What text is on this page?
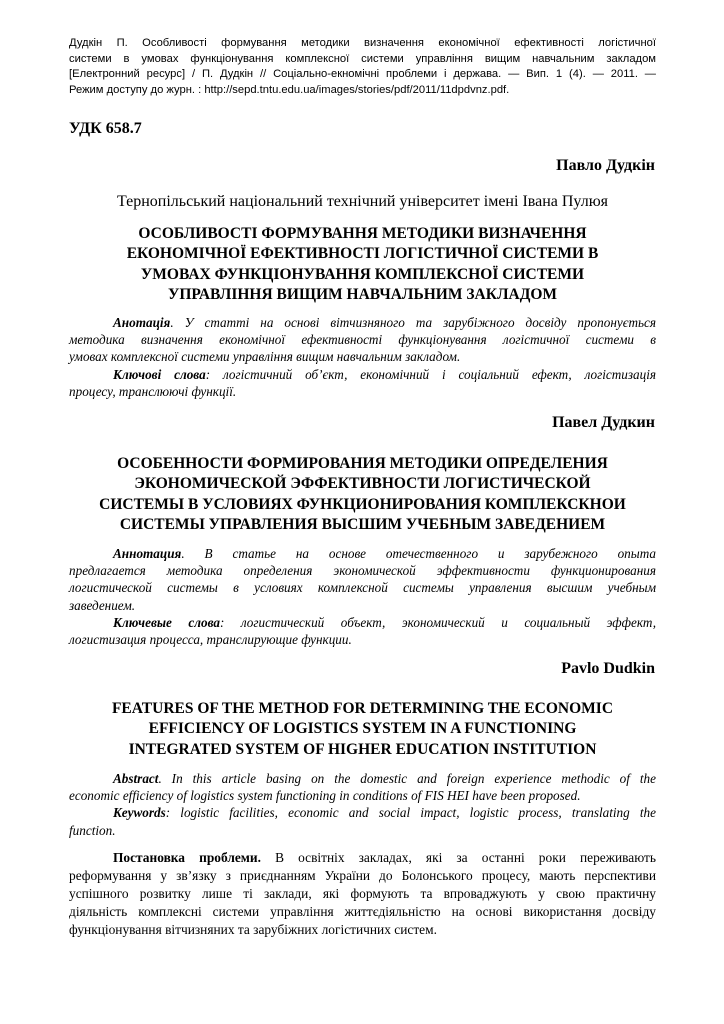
Дудкін П. Особливості формування методики визначення економічної ефективності логістичної
системи в умовах функціонування комплексної системи управління вищим навчальним закладом
[Електронний ресурс] / П. Дудкін // Соціально-екномічні проблеми і держава. — Вип. 1 (4). — 2011. —
Режим доступу до журн. : http://sepd.tntu.edu.ua/images/stories/pdf/2011/11dpdvnz.pdf.
УДК 658.7
Павло Дудкін
Тернопільський національний технічний університет імені Івана Пулюя
ОСОБЛИВОСТІ ФОРМУВАННЯ МЕТОДИКИ ВИЗНАЧЕННЯ
ЕКОНОМІЧНОЇ ЕФЕКТИВНОСТІ ЛОГІСТИЧНОЇ СИСТЕМИ В
УМОВАХ ФУНКЦІОНУВАННЯ КОМПЛЕКСНОЇ СИСТЕМИ
УПРАВЛІННЯ ВИЩИМ НАВЧАЛЬНИМ ЗАКЛАДОМ
Анотація. У статті на основі вітчизняного та зарубіжного досвіду пропонується
методика визначення економічної ефективності функціонування логістичної системи в
умовах комплексної системи управління вищим навчальним закладом.
Ключові слова: логістичний об’єкт, економічний і соціальний ефект, логістизація
процесу, транслюючі функції.
Павел Дудкин
ОСОБЕННОСТИ ФОРМИРОВАНИЯ МЕТОДИКИ ОПРЕДЕЛЕНИЯ
ЭКОНОМИЧЕСКОЙ ЭФФЕКТИВНОСТИ ЛОГИСТИЧЕСКОЙ
СИСТЕМЫ В УСЛОВИЯХ ФУНКЦИОНИРОВАНИЯ КОМПЛЕКСКНОИ
СИСТЕМЫ УПРАВЛЕНИЯ ВЫСШИМ УЧЕБНЫМ ЗАВЕДЕНИЕМ
Аннотация. В статье на основе отечественного и зарубежного опыта
предлагается методика определения экономической эффективности функционирования
логистической системы в условиях комплексной системы управления высшим учебным
заведением.
Ключевые слова: логистический объект, экономический и социальный эффект,
логистизация процесса, транслирующие функции.
Pavlo Dudkin
FEATURES OF THE METHOD FOR DETERMINING THE ECONOMIC
EFFICIENCY OF LOGISTICS SYSTEM IN A FUNCTIONING
INTEGRATED SYSTEM OF HIGHER EDUCATION INSTITUTION
Abstract. In this article basing on the domestic and foreign experience methodic of the
economic efficiency of logistics system functioning in conditions of FIS HEI have been proposed.
Keywords: logistic facilities, economic and social impact, logistic process, translating the
function.
Постановка проблеми. В освітніх закладах, які за останні роки переживають
реформування у зв’язку з приєднанням України до Болонського процесу, мають перспективи
успішного розвитку лише ті заклади, які формують та впроваджують у свою практичну
діяльність комплексні системи управління життєдіяльністю на основі використання досвіду
функціонування вітчизняних та зарубіжних логістичних систем.
